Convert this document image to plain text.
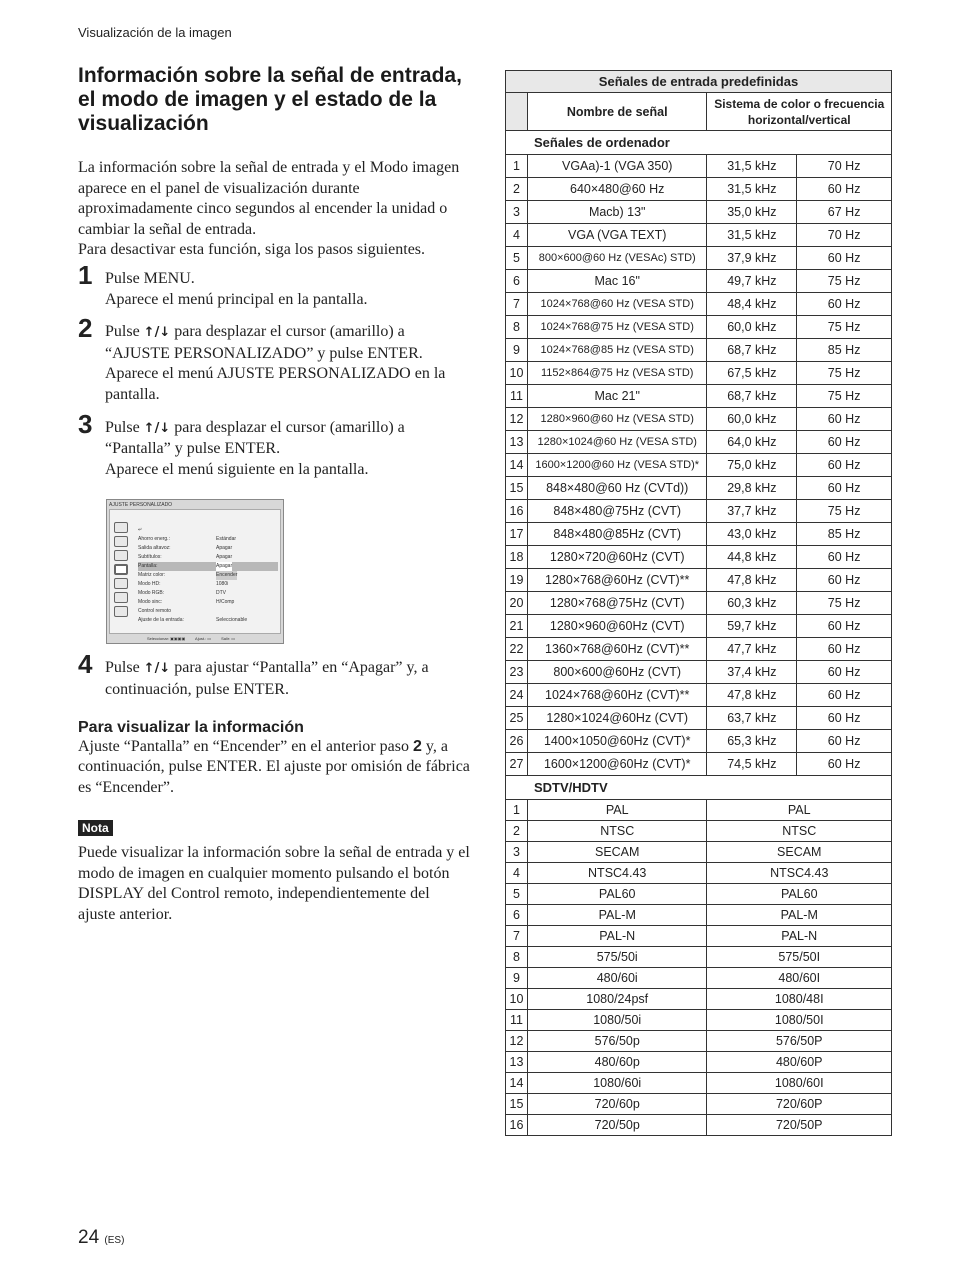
Visualización de la imagen
Información sobre la señal de entrada, el modo de imagen y el estado de la visualización

La información sobre la señal de entrada y el Modo imagen aparece en el panel de visualización durante aproximadamente cinco segundos al encender la unidad o cambiar la señal de entrada.
Para desactivar esta función, siga los pasos siguientes.

1 Pulse MENU.
Aparece el menú principal en la pantalla.
2 Pulse ↑/↓ para desplazar el cursor (amarillo) a “AJUSTE PERSONALIZADO” y pulse ENTER.
Aparece el menú AJUSTE PERSONALIZADO en la pantalla.
3 Pulse ↑/↓ para desplazar el cursor (amarillo) a “Pantalla” y pulse ENTER.
Aparece el menú siguiente en la pantalla.
AJUSTE PERSONALIZADO
↵
Ahorro energ.:	Estándar
Salida altavoz:	Apagar
Subtítulos:	Apagar
Pantalla:	Apagar
Matriz color:	Encender
Modo HD:	1080i
Modo RGB:	DTV
Modo sinc:	H/Comp
Control remoto
Ajuste de la entrada:	Seleccionable
Seleccionar: ▣▣▣▣         Ajust.: ▭         Salir: ▭
4 Pulse ↑/↓ para ajustar “Pantalla” en “Apagar” y, a continuación, pulse ENTER.
Para visualizar la información

Ajuste “Pantalla” en “Encender” en el anterior paso 2 y, a continuación, pulse ENTER. El ajuste por omisión de fábrica es “Encender”.

Nota

Puede visualizar la información sobre la señal de entrada y el modo de imagen en cualquier momento pulsando el botón DISPLAY del Control remoto, independientemente del ajuste anterior.

Señales de entrada predefinidas			
	Nombre de señal	Sistema de color o frecuencia horizontal/vertical	
Señales de ordenador			
1	VGAa)-1 (VGA 350)	31,5 kHz	70 Hz
2	640×480@60 Hz	31,5 kHz	60 Hz
3	Macb) 13"	35,0 kHz	67 Hz
4	VGA (VGA TEXT)	31,5 kHz	70 Hz
5	800×600@60 Hz (VESAc) STD)	37,9 kHz	60 Hz
6	Mac 16"	49,7 kHz	75 Hz
7	1024×768@60 Hz (VESA STD)	48,4 kHz	60 Hz
8	1024×768@75 Hz (VESA STD)	60,0 kHz	75 Hz
9	1024×768@85 Hz (VESA STD)	68,7 kHz	85 Hz
10	1152×864@75 Hz (VESA STD)	67,5 kHz	75 Hz
11	Mac 21"	68,7 kHz	75 Hz
12	1280×960@60 Hz (VESA STD)	60,0 kHz	60 Hz
13	1280×1024@60 Hz (VESA STD)	64,0 kHz	60 Hz
14	1600×1200@60 Hz (VESA STD)*	75,0 kHz	60 Hz
15	848×480@60 Hz (CVTd))	29,8 kHz	60 Hz
16	848×480@75Hz (CVT)	37,7 kHz	75 Hz
17	848×480@85Hz (CVT)	43,0 kHz	85 Hz
18	1280×720@60Hz (CVT)	44,8 kHz	60 Hz
19	1280×768@60Hz (CVT)**	47,8 kHz	60 Hz
20	1280×768@75Hz (CVT)	60,3 kHz	75 Hz
21	1280×960@60Hz (CVT)	59,7 kHz	60 Hz
22	1360×768@60Hz (CVT)**	47,7 kHz	60 Hz
23	800×600@60Hz (CVT)	37,4 kHz	60 Hz
24	1024×768@60Hz (CVT)**	47,8 kHz	60 Hz
25	1280×1024@60Hz (CVT)	63,7 kHz	60 Hz
26	1400×1050@60Hz (CVT)*	65,3 kHz	60 Hz
27	1600×1200@60Hz (CVT)*	74,5 kHz	60 Hz
SDTV/HDTV			
1	PAL	PAL	
2	NTSC	NTSC	
3	SECAM	SECAM	
4	NTSC4.43	NTSC4.43	
5	PAL60	PAL60	
6	PAL-M	PAL-M	
7	PAL-N	PAL-N	
8	575/50i	575/50I	
9	480/60i	480/60I	
10	1080/24psf	1080/48I	
11	1080/50i	1080/50I	
12	576/50p	576/50P	
13	480/60p	480/60P	
14	1080/60i	1080/60I	
15	720/60p	720/60P	
16	720/50p	720/50P	
24 (ES)
